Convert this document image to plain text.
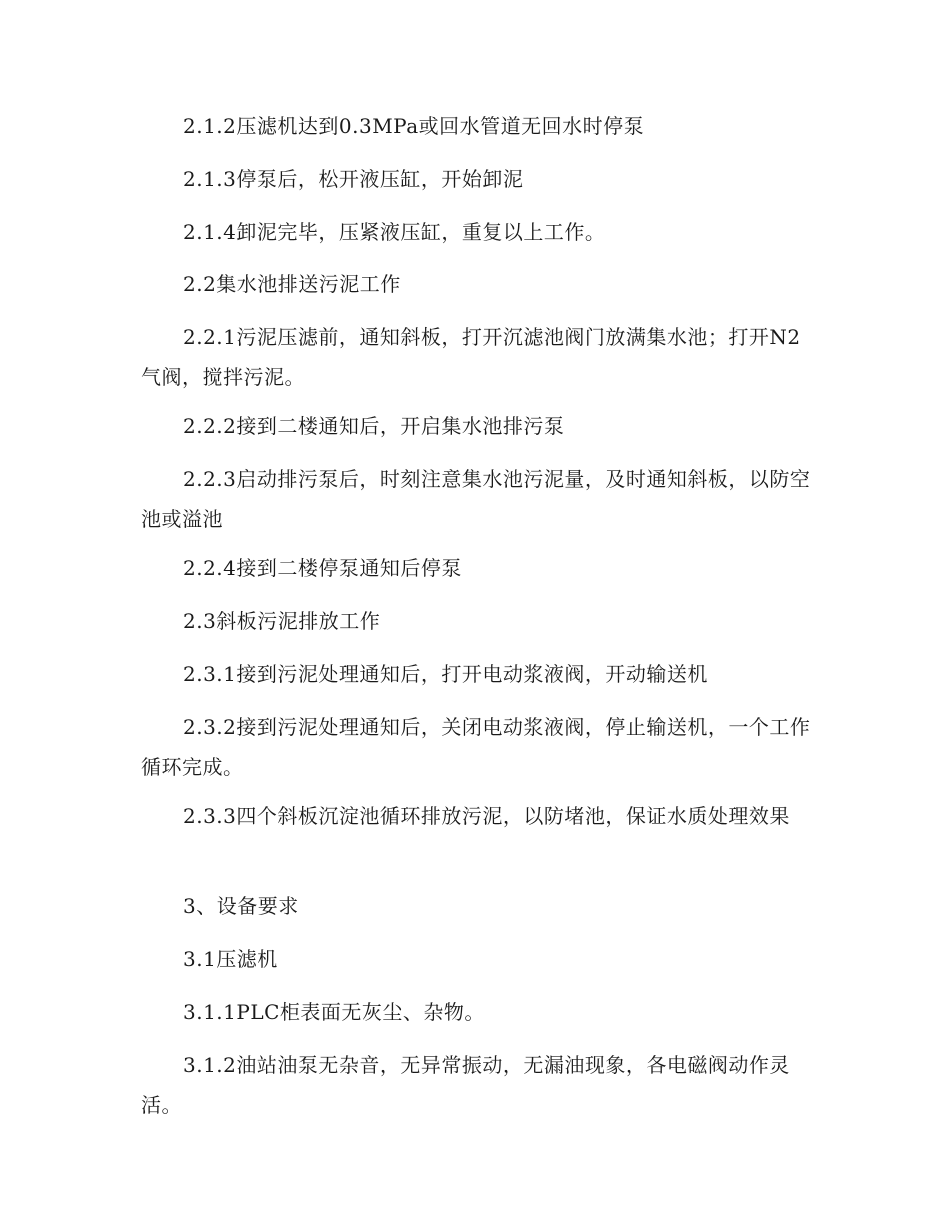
2.1.2压滤机达到0.3MPa或回水管道无回水时停泵

2.1.3停泵后，松开液压缸，开始卸泥

2.1.4卸泥完毕，压紧液压缸，重复以上工作。

2.2集水池排送污泥工作

2.2.1污泥压滤前，通知斜板，打开沉滤池阀门放满集水池；打开N2气阀，搅拌污泥。

2.2.2接到二楼通知后，开启集水池排污泵

2.2.3启动排污泵后，时刻注意集水池污泥量，及时通知斜板，以防空池或溢池

2.2.4接到二楼停泵通知后停泵

2.3斜板污泥排放工作

2.3.1接到污泥处理通知后，打开电动浆液阀，开动输送机

2.3.2接到污泥处理通知后，关闭电动浆液阀，停止输送机，一个工作循环完成。

2.3.3四个斜板沉淀池循环排放污泥，以防堵池，保证水质处理效果

3、设备要求

3.1压滤机

3.1.1PLC柜表面无灰尘、杂物。

3.1.2油站油泵无杂音，无异常振动，无漏油现象，各电磁阀动作灵活。
